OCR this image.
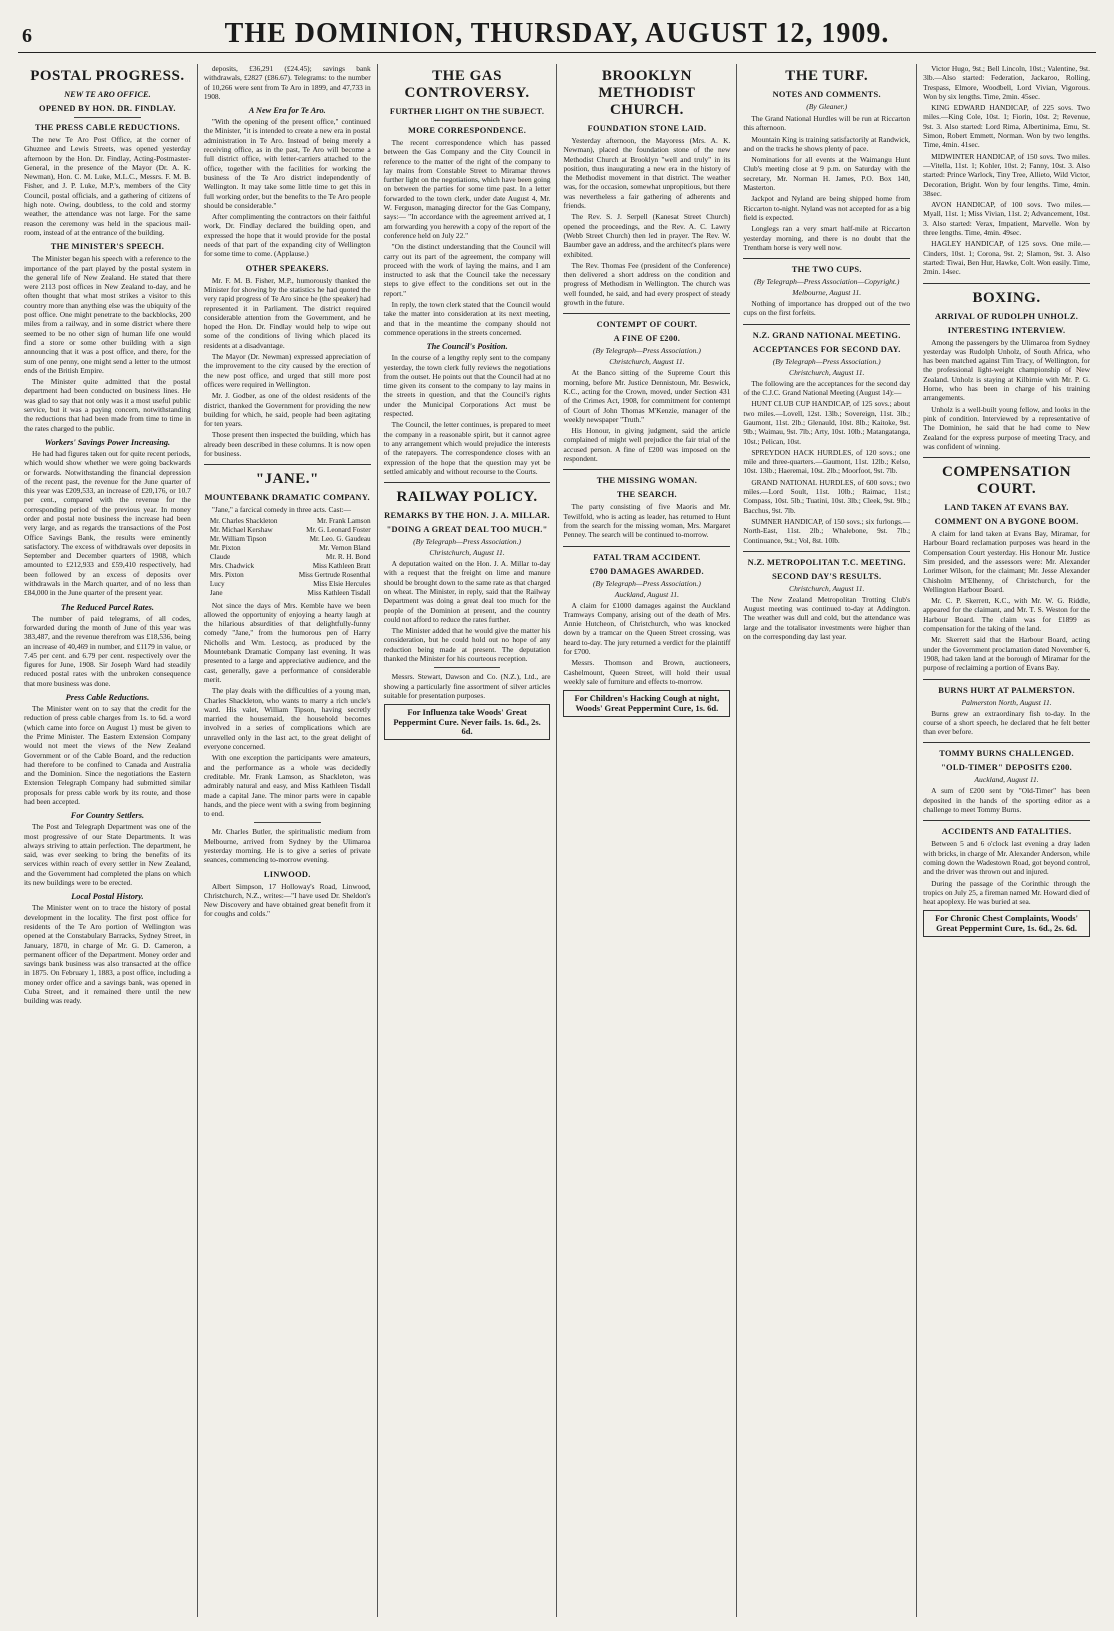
6	THE DOMINION, THURSDAY, AUGUST 12, 1909.
POSTAL PROGRESS.
NEW TE ARO OFFICE.
OPENED BY HON. DR. FINDLAY.
THE PRESS CABLE REDUCTIONS.

The new Te Aro Post Office, at the corner of Ghuznee and Lewis Streets, was opened yesterday afternoon by the Hon. Dr. Findlay, Acting-Postmaster-General, in the presence of the Mayor (Dr. A. K. Newman), Hon. C. M. Luke, M.L.C., Messrs. F. M. B. Fisher, and J. P. Luke, M.P.'s, members of the City Council, postal officials, and a gathering of citizens of high note. Owing, doubtless, to the cold and stormy weather, the attendance was not large. For the same reason the ceremony was held in the spacious mail-room, instead of at the entrance of the building.

THE MINISTER'S SPEECH.

The Minister began his speech with a reference to the importance of the part played by the postal system in the general life of New Zealand. He stated that there were 2113 post offices in New Zealand to-day, and he often thought that what most strikes a visitor to this country more than anything else was the ubiquity of the post office. One might penetrate to the backblocks, 200 miles from a railway, and in some district where there seemed to be no other sign of human life one would find a store or some other building with a sign announcing that it was a post office, and there, for the sum of one penny, one might send a letter to the utmost ends of the British Empire.

The Minister quite admitted that the postal department had been conducted on business lines. He was glad to say that not only was it a most useful public service, but it was a paying concern, notwithstanding the reductions that had been made from time to time in the rates charged to the public.

Workers' Savings Power Increasing.

He had had figures taken out for quite recent periods, which would show whether we were going backwards or forwards. Notwithstanding the financial depression of the recent past, the revenue for the June quarter of this year was £209,533, an increase of £20,176, or 10.7 per cent., compared with the revenue for the corresponding period of the previous year. In money order and postal note business the increase had been very large, and as regards the transactions of the Post Office Savings Bank, the results were eminently satisfactory. The excess of withdrawals over deposits in September and December quarters of 1908, which amounted to £212,933 and £59,410 respectively, had been followed by an excess of deposits over withdrawals in the March quarter, and of no less than £84,000 in the June quarter of the present year.

The Reduced Parcel Rates.

The number of paid telegrams, of all codes, forwarded during the month of June of this year was 383,487, and the revenue therefrom was £18,536, being an increase of 40,469 in number, and £1179 in value, or 7.45 per cent. and 6.79 per cent. respectively over the figures for June, 1908. Sir Joseph Ward had steadily reduced postal rates with the unbroken consequence that more business was done.

Press Cable Reductions.

The Minister went on to say that the credit for the reduction of press cable charges from 1s. to 6d. a word (which came into force on August 1) must be given to the Prime Minister. The Eastern Extension Company would not meet the views of the New Zealand Government or of the Cable Board, and the reduction had therefore to be confined to Canada and Australia and the Dominion. Since the negotiations the Eastern Extension Telegraph Company had submitted similar proposals for press cable work by its route, and those had been accepted.

For Country Settlers.

The Post and Telegraph Department was one of the most progressive of our State Departments. It was always striving to attain perfection. The department, he said, was ever seeking to bring the benefits of its services within reach of every settler in New Zealand, and the Government had completed the plans on which its new buildings were to be erected.

Local Postal History.

The Minister went on to trace the history of postal development in the locality. The first post office for residents of the Te Aro portion of Wellington was opened at the Constabulary Barracks, Sydney Street, in January, 1870, in charge of Mr. G. D. Cameron, a permanent officer of the Department. Money order and savings bank business was also transacted at the office in 1875. On February 1, 1883, a post office, including a money order office and a savings bank, was opened in Cuba Street, and it remained there until the new building was ready.

deposits, £36,291 (£24.45); savings bank withdrawals, £2827 (£86.67). Telegrams: to the number of 10,266 were sent from Te Aro in 1899, and 47,733 in 1908.

A New Era for Te Aro.

"With the opening of the present office," continued the Minister, "it is intended to create a new era in postal administration in Te Aro. Instead of being merely a receiving office, as in the past, Te Aro will become a full district office, with letter-carriers attached to the office, together with the facilities for working the business of the Te Aro district independently of Wellington. It may take some little time to get this in full working order, but the benefits to the Te Aro people should be considerable."

After complimenting the contractors on their faithful work, Dr. Findlay declared the building open, and expressed the hope that it would provide for the postal needs of that part of the expanding city of Wellington for some time to come. (Applause.)

OTHER SPEAKERS.

Mr. F. M. B. Fisher, M.P., humorously thanked the Minister for showing by the statistics he had quoted the very rapid progress of Te Aro since he (the speaker) had represented it in Parliament. The district required considerable attention from the Government, and he hoped the Hon. Dr. Findlay would help to wipe out some of the conditions of living which placed its residents at a disadvantage.

The Mayor (Dr. Newman) expressed appreciation of the improvement to the city caused by the erection of the new post office, and urged that still more post offices were required in Wellington.

Mr. J. Godber, as one of the oldest residents of the district, thanked the Government for providing the new building for which, he said, people had been agitating for ten years.

Those present then inspected the building, which has already been described in these columns. It is now open for business.

"JANE."
MOUNTEBANK DRAMATIC COMPANY.

"Jane," a farcical comedy in three acts. Cast:—

Mr. Charles Shackleton	Mr. Frank Lamson
Mr. Michael Kershaw	Mr. G. Leonard Foster
Mr. William Tipson	Mr. Leo. G. Gaudeau
Mr. Pixton	Mr. Vernon Bland
Claude	Mr. R. H. Bond
Mrs. Chadwick	Miss Kathleen Bratt
Mrs. Pixton	Miss Gertrude Rosenthal
Lucy	Miss Elsie Hercules
Jane	Miss Kathleen Tisdall

Not since the days of Mrs. Kemble have we been allowed the opportunity of enjoying a hearty laugh at the hilarious absurdities of that delightfully-funny comedy "Jane," from the humorous pen of Harry Nicholls and Wm. Lestocq, as produced by the Mountebank Dramatic Company last evening. It was presented to a large and appreciative audience, and the cast, generally, gave a performance of considerable merit.

The play deals with the difficulties of a young man, Charles Shackleton, who wants to marry a rich uncle's ward. His valet, William Tipson, having secretly married the housemaid, the household becomes involved in a series of complications which are unravelled only in the last act, to the great delight of everyone concerned.

With one exception the participants were amateurs, and the performance as a whole was decidedly creditable. Mr. Frank Lamson, as Shackleton, was admirably natural and easy, and Miss Kathleen Tisdall made a capital Jane. The minor parts were in capable hands, and the piece went with a swing from beginning to end.

Mr. Charles Butler, the spiritualistic medium from Melbourne, arrived from Sydney by the Ulimaroa yesterday morning. He is to give a series of private seances, commencing to-morrow evening.

LINWOOD.

Albert Simpson, 17 Holloway's Road, Linwood, Christchurch, N.Z., writes:—"I have used Dr. Sheldon's New Discovery and have obtained great benefit from it for coughs and colds."

THE GAS CONTROVERSY.
FURTHER LIGHT ON THE SUBJECT.
MORE CORRESPONDENCE.

The recent correspondence which has passed between the Gas Company and the City Council in reference to the matter of the right of the company to lay mains from Constable Street to Miramar throws further light on the negotiations, which have been going on between the parties for some time past. In a letter forwarded to the town clerk, under date August 4, Mr. W. Ferguson, managing director for the Gas Company, says:— "In accordance with the agreement arrived at, I am forwarding you herewith a copy of the report of the conference held on July 22."

"On the distinct understanding that the Council will carry out its part of the agreement, the company will proceed with the work of laying the mains, and I am instructed to ask that the Council take the necessary steps to give effect to the conditions set out in the report."

In reply, the town clerk stated that the Council would take the matter into consideration at its next meeting, and that in the meantime the company should not commence operations in the streets concerned.

The Council's Position.

In the course of a lengthy reply sent to the company yesterday, the town clerk fully reviews the negotiations from the outset. He points out that the Council had at no time given its consent to the company to lay mains in the streets in question, and that the Council's rights under the Municipal Corporations Act must be respected.

The Council, the letter continues, is prepared to meet the company in a reasonable spirit, but it cannot agree to any arrangement which would prejudice the interests of the ratepayers. The correspondence closes with an expression of the hope that the question may yet be settled amicably and without recourse to the Courts.

RAILWAY POLICY.
REMARKS BY THE HON. J. A. MILLAR.
"DOING A GREAT DEAL TOO MUCH."
(By Telegraph—Press Association.)
Christchurch, August 11.

A deputation waited on the Hon. J. A. Millar to-day with a request that the freight on lime and manure should be brought down to the same rate as that charged on wheat. The Minister, in reply, said that the Railway Department was doing a great deal too much for the people of the Dominion at present, and the country could not afford to reduce the rates further.

The Minister added that he would give the matter his consideration, but he could hold out no hope of any reduction being made at present. The deputation thanked the Minister for his courteous reception.

Messrs. Stewart, Dawson and Co. (N.Z.), Ltd., are showing a particularly fine assortment of silver articles suitable for presentation purposes.

For Influenza take Woods' Great Peppermint Cure. Never fails. 1s. 6d., 2s. 6d.
BROOKLYN METHODIST CHURCH.
FOUNDATION STONE LAID.

Yesterday afternoon, the Mayoress (Mrs. A. K. Newman), placed the foundation stone of the new Methodist Church at Brooklyn "well and truly" in its position, thus inaugurating a new era in the history of the Methodist movement in that district. The weather was, for the occasion, somewhat unpropitious, but there was nevertheless a fair gathering of adherents and friends.

The Rev. S. J. Serpell (Kanesat Street Church) opened the proceedings, and the Rev. A. C. Lawry (Webb Street Church) then led in prayer. The Rev. W. Baumber gave an address, and the architect's plans were exhibited.

The Rev. Thomas Fee (president of the Conference) then delivered a short address on the condition and progress of Methodism in Wellington. The church was well founded, he said, and had every prospect of steady growth in the future.

CONTEMPT OF COURT.
A FINE OF £200.
(By Telegraph—Press Association.)
Christchurch, August 11.

At the Banco sitting of the Supreme Court this morning, before Mr. Justice Dennistoun, Mr. Beswick, K.C., acting for the Crown, moved, under Section 431 of the Crimes Act, 1908, for commitment for contempt of Court of John Thomas M'Kenzie, manager of the weekly newspaper "Truth."

His Honour, in giving judgment, said the article complained of might well prejudice the fair trial of the accused person. A fine of £200 was imposed on the respondent.

THE MISSING WOMAN.
THE SEARCH.

The party consisting of five Maoris and Mr. Tewilfold, who is acting as leader, has returned to Hunt from the search for the missing woman, Mrs. Margaret Penney. The search will be continued to-morrow.

FATAL TRAM ACCIDENT.
£700 DAMAGES AWARDED.
(By Telegraph—Press Association.)
Auckland, August 11.

A claim for £1000 damages against the Auckland Tramways Company, arising out of the death of Mrs. Annie Hutcheon, of Christchurch, who was knocked down by a tramcar on the Queen Street crossing, was heard to-day. The jury returned a verdict for the plaintiff for £700.

Messrs. Thomson and Brown, auctioneers, Cashelmount, Queen Street, will hold their usual weekly sale of furniture and effects to-morrow.

For Children's Hacking Cough at night, Woods' Great Peppermint Cure, 1s. 6d.
THE TURF.
NOTES AND COMMENTS.
(By Gleaner.)

The Grand National Hurdles will be run at Riccarton this afternoon.

Mountain King is training satisfactorily at Randwick, and on the tracks he shows plenty of pace.

Nominations for all events at the Waimangu Hunt Club's meeting close at 9 p.m. on Saturday with the secretary, Mr. Norman H. James, P.O. Box 140, Masterton.

Jackpot and Nyland are being shipped home from Riccarton to-night. Nyland was not accepted for as a big field is expected.

Longlegs ran a very smart half-mile at Riccarton yesterday morning, and there is no doubt that the Trentham horse is very well now.

THE TWO CUPS.
(By Telegraph—Press Association—Copyright.)
Melbourne, August 11.

Nothing of importance has dropped out of the two cups on the first forfeits.

N.Z. GRAND NATIONAL MEETING.
ACCEPTANCES FOR SECOND DAY.
(By Telegraph—Press Association.)
Christchurch, August 11.

The following are the acceptances for the second day of the C.J.C. Grand National Meeting (August 14):—

HUNT CLUB CUP HANDICAP, of 125 sovs.; about two miles.—Lovell, 12st. 13lb.; Sovereign, 11st. 3lb.; Gaumont, 11st. 2lb.; Glenauld, 10st. 8lb.; Kaitoke, 9st. 9lb.; Waimau, 9st. 7lb.; Arty, 10st. 10lb.; Matangatanga, 10st.; Pelican, 10st.

SPREYDON HACK HURDLES, of 120 sovs.; one mile and three-quarters.—Gaumont, 11st. 12lb.; Kelso, 10st. 13lb.; Haeremai, 10st. 2lb.; Moorfoot, 9st. 7lb.

GRAND NATIONAL HURDLES, of 600 sovs.; two miles.—Lord Soult, 11st. 10lb.; Raimac, 11st.; Compass, 10st. 5lb.; Tuatini, 10st. 3lb.; Cleek, 9st. 9lb.; Bacchus, 9st. 7lb.

SUMNER HANDICAP, of 150 sovs.; six furlongs.—North-East, 11st. 2lb.; Whalebone, 9st. 7lb.; Continuance, 9st.; Vol, 8st. 10lb.

N.Z. METROPOLITAN T.C. MEETING.
SECOND DAY'S RESULTS.
Christchurch, August 11.

The New Zealand Metropolitan Trotting Club's August meeting was continued to-day at Addington. The weather was dull and cold, but the attendance was large and the totalisator investments were higher than on the corresponding day last year.

Victor Hugo, 9st.; Bell Lincoln, 10st.; Valentine, 9st. 3lb.—Also started: Federation, Jackaroo, Rolling, Trespass, Elmore, Woodbell, Lord Vivian, Vigorous. Won by six lengths. Time, 2min. 45sec.

KING EDWARD HANDICAP, of 225 sovs. Two miles.—King Cole, 10st. 1; Fiorin, 10st. 2; Revenue, 9st. 3. Also started: Lord Rima, Albertinima, Emu, St. Simon, Robert Emmett, Norman. Won by two lengths. Time, 4min. 41sec.

MIDWINTER HANDICAP, of 150 sovs. Two miles.—Vitella, 11st. 1; Kohler, 10st. 2; Fanny, 10st. 3. Also started: Prince Warlock, Tiny Tree, Allieto, Wild Victor, Decoration, Bright. Won by four lengths. Time, 4min. 38sec.

AVON HANDICAP, of 100 sovs. Two miles.—Myall, 11st. 1; Miss Vivian, 11st. 2; Advancement, 10st. 3. Also started: Verax, Impatient, Marvelle. Won by three lengths. Time, 4min. 49sec.

HAGLEY HANDICAP, of 125 sovs. One mile.—Cinders, 10st. 1; Corona, 9st. 2; Slamon, 9st. 3. Also started: Tiwai, Ben Hur, Hawke, Colt. Won easily. Time, 2min. 14sec.

BOXING.
ARRIVAL OF RUDOLPH UNHOLZ.
INTERESTING INTERVIEW.

Among the passengers by the Ulimaroa from Sydney yesterday was Rudolph Unholz, of South Africa, who has been matched against Tim Tracy, of Wellington, for the professional light-weight championship of New Zealand. Unholz is staying at Kilbirnie with Mr. P. G. Horne, who has been in charge of his training arrangements.

Unholz is a well-built young fellow, and looks in the pink of condition. Interviewed by a representative of The Dominion, he said that he had come to New Zealand for the express purpose of meeting Tracy, and was confident of winning.

COMPENSATION COURT.
LAND TAKEN AT EVANS BAY.
COMMENT ON A BYGONE BOOM.

A claim for land taken at Evans Bay, Miramar, for Harbour Board reclamation purposes was heard in the Compensation Court yesterday. His Honour Mr. Justice Sim presided, and the assessors were: Mr. Alexander Lorimer Wilson, for the claimant; Mr. Jesse Alexander Chisholm M'Elhenny, of Christchurch, for the Wellington Harbour Board.

Mr. C. P. Skerrett, K.C., with Mr. W. G. Riddle, appeared for the claimant, and Mr. T. S. Weston for the Harbour Board. The claim was for £1899 as compensation for the taking of the land.

Mr. Skerrett said that the Harbour Board, acting under the Government proclamation dated November 6, 1908, had taken land at the borough of Miramar for the purpose of reclaiming a portion of Evans Bay.

BURNS HURT AT PALMERSTON.
Palmerston North, August 11.

Burns grew an extraordinary fish to-day. In the course of a short speech, he declared that he felt better than ever before.

TOMMY BURNS CHALLENGED.
"OLD-TIMER" DEPOSITS £200.
Auckland, August 11.

A sum of £200 sent by "Old-Timer" has been deposited in the hands of the sporting editor as a challenge to meet Tommy Burns.

ACCIDENTS AND FATALITIES.

Between 5 and 6 o'clock last evening a dray laden with bricks, in charge of Mr. Alexander Anderson, while coming down the Wadestown Road, got beyond control, and the driver was thrown out and injured.

During the passage of the Corinthic through the tropics on July 25, a fireman named Mr. Howard died of heat apoplexy. He was buried at sea.

For Chronic Chest Complaints, Woods' Great Peppermint Cure, 1s. 6d., 2s. 6d.
